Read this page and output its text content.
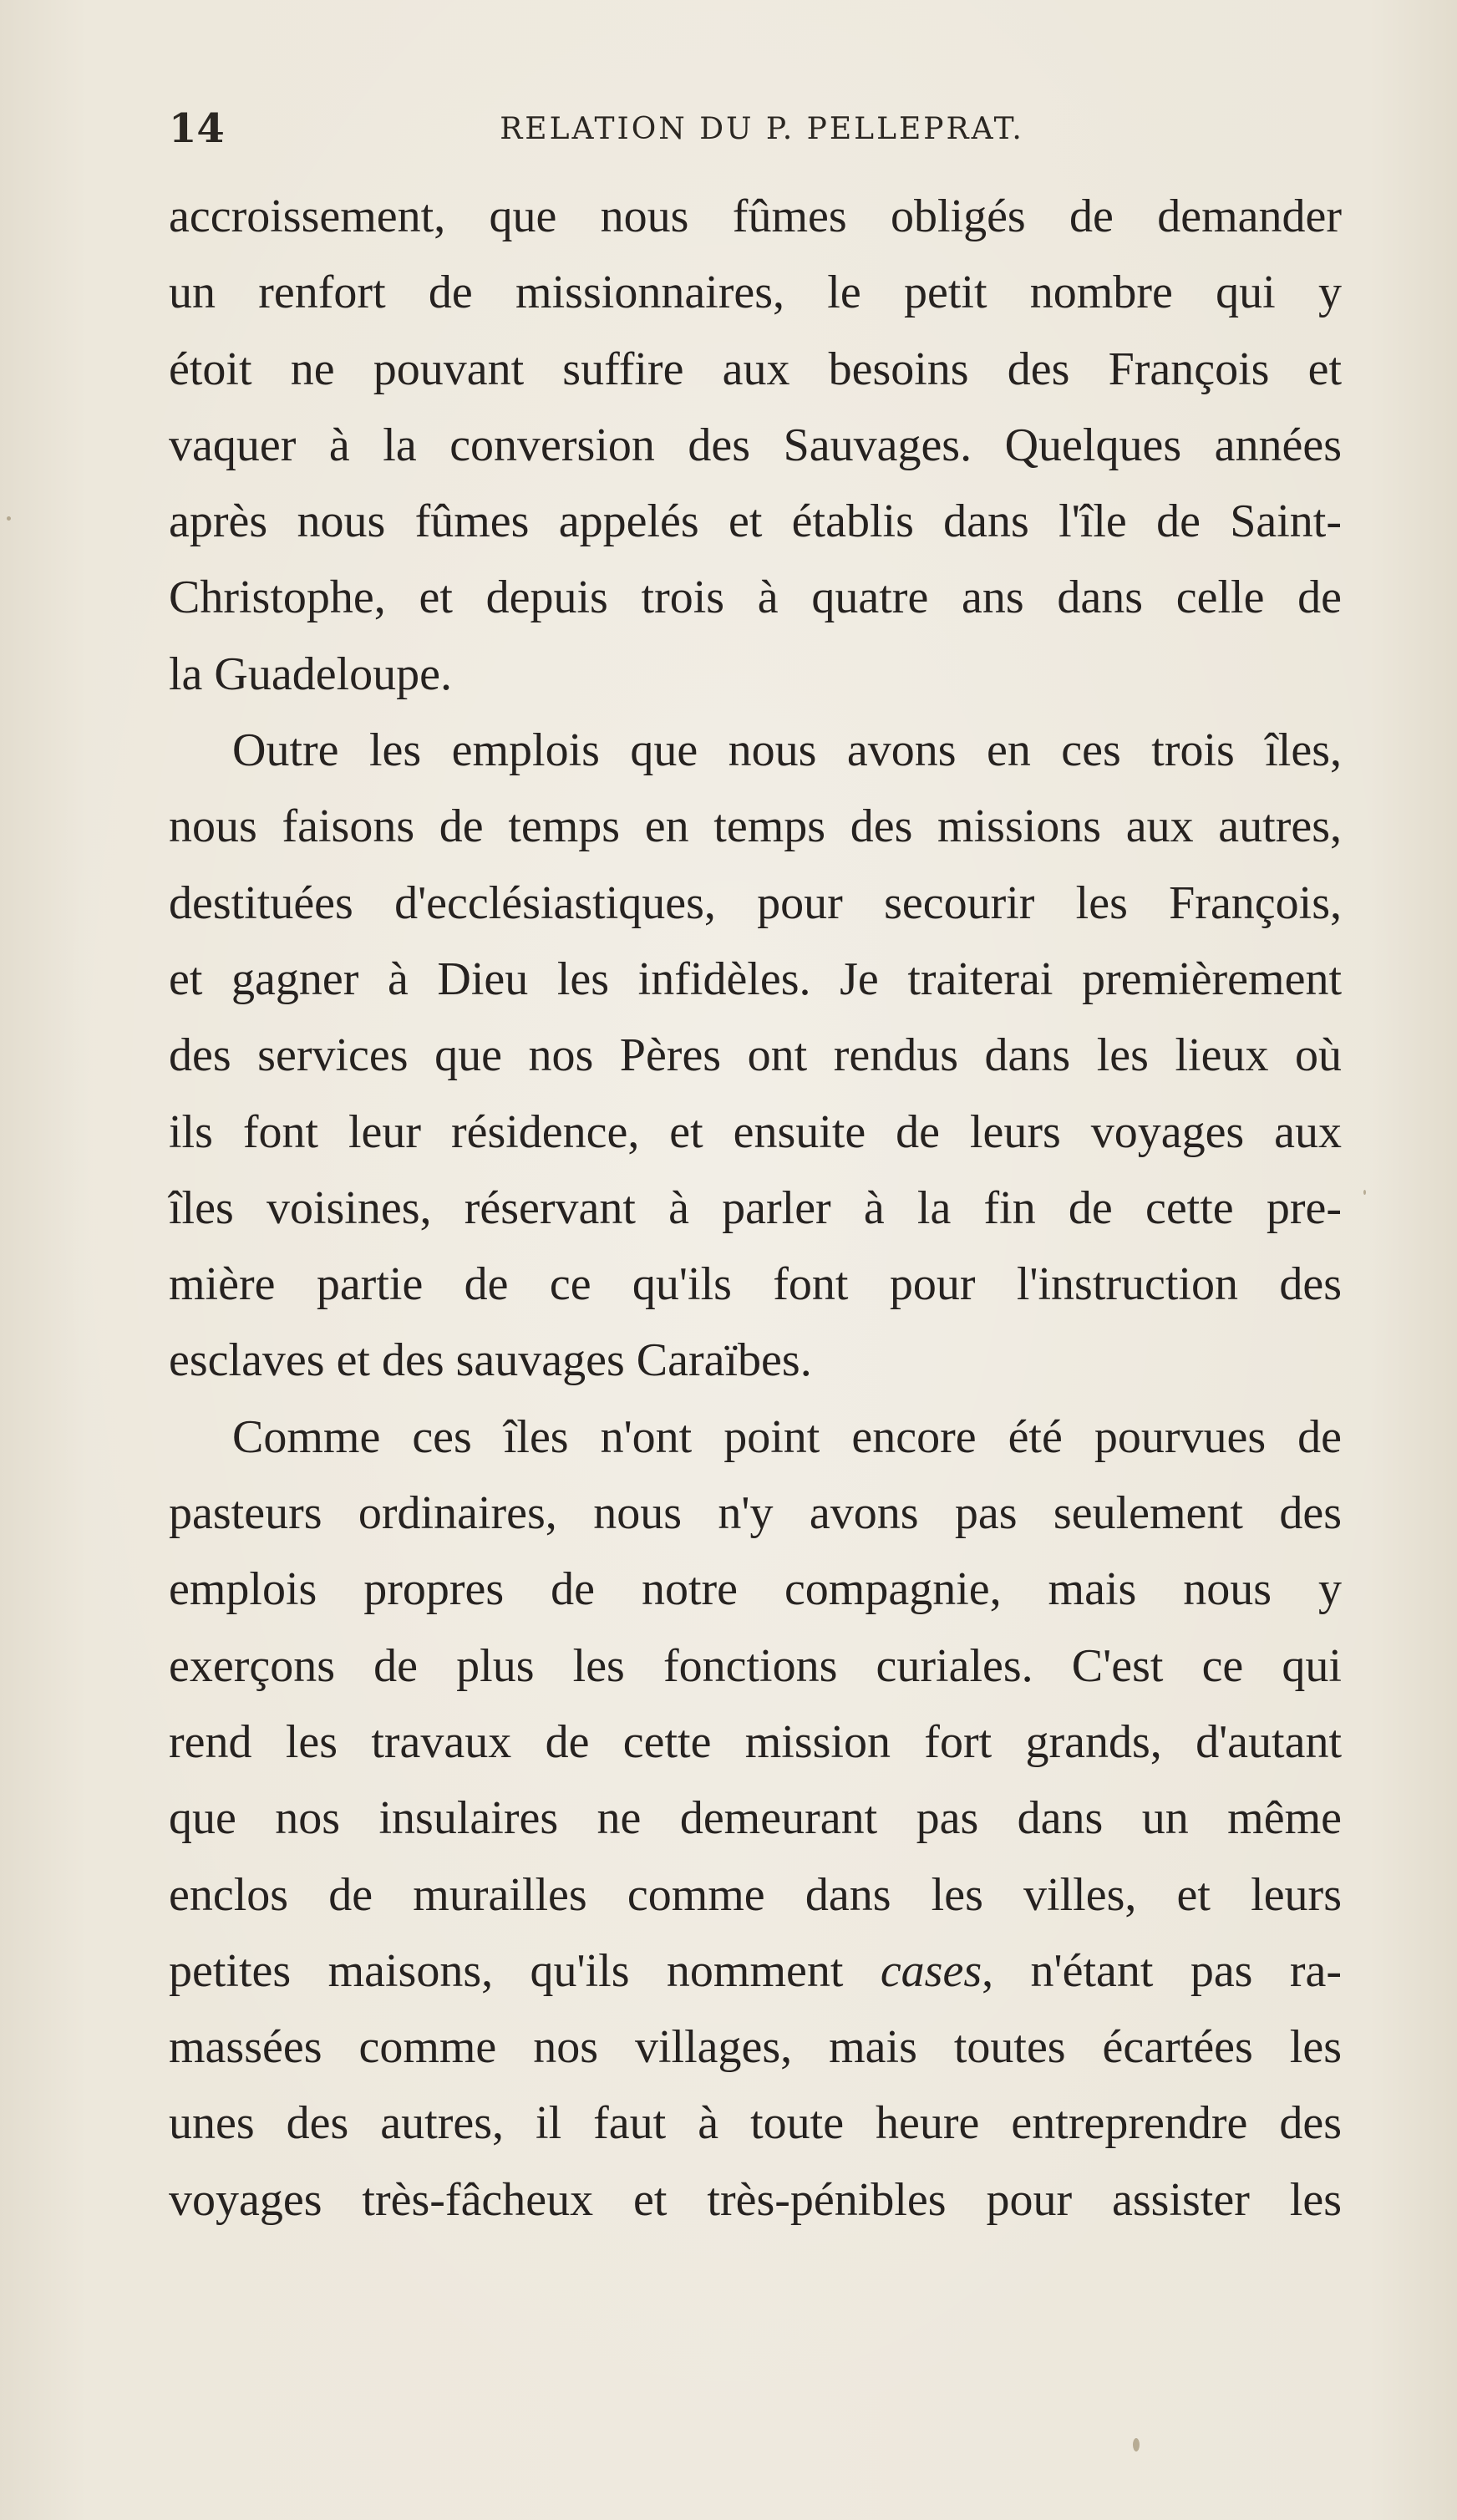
14	RELATION DU P. PELLEPRAT.
accroissement, que nous fûmes obligés de demander
un renfort de missionnaires, le petit nombre qui y
étoit ne pouvant suffire aux besoins des François et
vaquer à la conversion des Sauvages. Quelques années
après nous fûmes appelés et établis dans l'île de Saint-
Christophe, et depuis trois à quatre ans dans celle de
la Guadeloupe.
Outre les emplois que nous avons en ces trois îles,
nous faisons de temps en temps des missions aux autres,
destituées d'ecclésiastiques, pour secourir les François,
et gagner à Dieu les infidèles. Je traiterai premièrement
des services que nos Pères ont rendus dans les lieux où
ils font leur résidence, et ensuite de leurs voyages aux
îles voisines, réservant à parler à la fin de cette pre-
mière partie de ce qu'ils font pour l'instruction des
esclaves et des sauvages Caraïbes.
Comme ces îles n'ont point encore été pourvues de
pasteurs ordinaires, nous n'y avons pas seulement des
emplois propres de notre compagnie, mais nous y
exerçons de plus les fonctions curiales. C'est ce qui
rend les travaux de cette mission fort grands, d'autant
que nos insulaires ne demeurant pas dans un même
enclos de murailles comme dans les villes, et leurs
petites maisons, qu'ils nomment cases, n'étant pas ra-
massées comme nos villages, mais toutes écartées les
unes des autres, il faut à toute heure entreprendre des
voyages très-fâcheux et très-pénibles pour assister les
